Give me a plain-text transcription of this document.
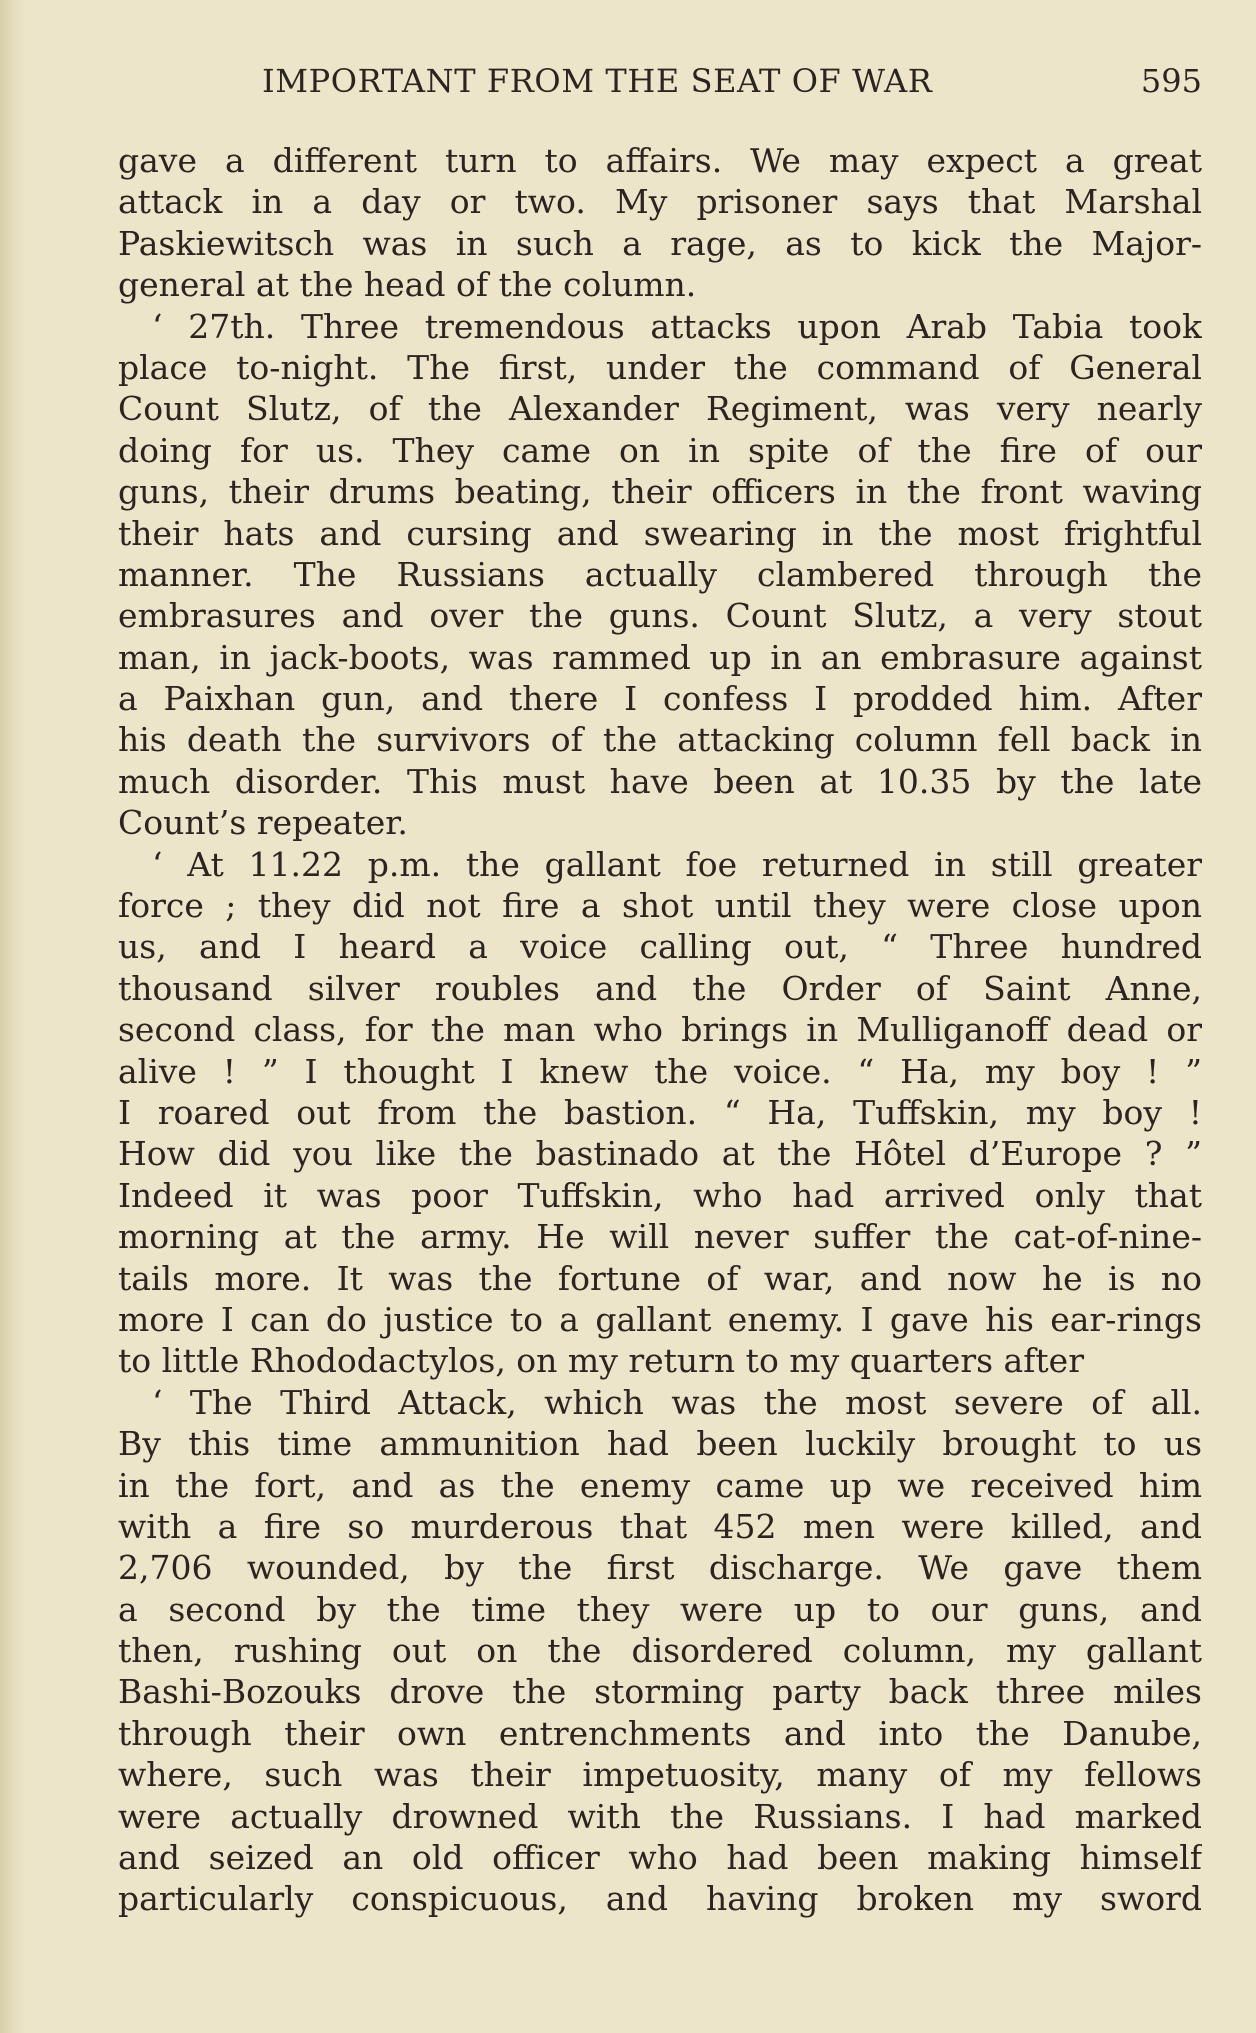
IMPORTANT FROM THE SEAT OF WAR	595
gave a different turn to affairs. We may expect a great
attack in a day or two. My prisoner says that Marshal
Paskiewitsch was in such a rage, as to kick the Major-
general at the head of the column.
‘ 27th. Three tremendous attacks upon Arab Tabia took
place to-night. The first, under the command of General
Count Slutz, of the Alexander Regiment, was very nearly
doing for us. They came on in spite of the fire of our
guns, their drums beating, their officers in the front waving
their hats and cursing and swearing in the most frightful
manner. The Russians actually clambered through the
embrasures and over the guns. Count Slutz, a very stout
man, in jack-boots, was rammed up in an embrasure against
a Paixhan gun, and there I confess I prodded him. After
his death the survivors of the attacking column fell back in
much disorder. This must have been at 10.35 by the late
Count’s repeater.
‘ At 11.22 p.m. the gallant foe returned in still greater
force ; they did not fire a shot until they were close upon
us, and I heard a voice calling out, “ Three hundred
thousand silver roubles and the Order of Saint Anne,
second class, for the man who brings in Mulliganoff dead or
alive ! ” I thought I knew the voice. “ Ha, my boy ! ”
I roared out from the bastion. “ Ha, Tuffskin, my boy !
How did you like the bastinado at the Hôtel d’Europe ? ”
Indeed it was poor Tuffskin, who had arrived only that
morning at the army. He will never suffer the cat-of-nine-
tails more. It was the fortune of war, and now he is no
more I can do justice to a gallant enemy. I gave his ear-rings
to little Rhododactylos, on my return to my quarters after
‘ The Third Attack, which was the most severe of all.
By this time ammunition had been luckily brought to us
in the fort, and as the enemy came up we received him
with a fire so murderous that 452 men were killed, and
2,706 wounded, by the first discharge. We gave them
a second by the time they were up to our guns, and
then, rushing out on the disordered column, my gallant
Bashi-Bozouks drove the storming party back three miles
through their own entrenchments and into the Danube,
where, such was their impetuosity, many of my fellows
were actually drowned with the Russians. I had marked
and seized an old officer who had been making himself
particularly conspicuous, and having broken my sword
